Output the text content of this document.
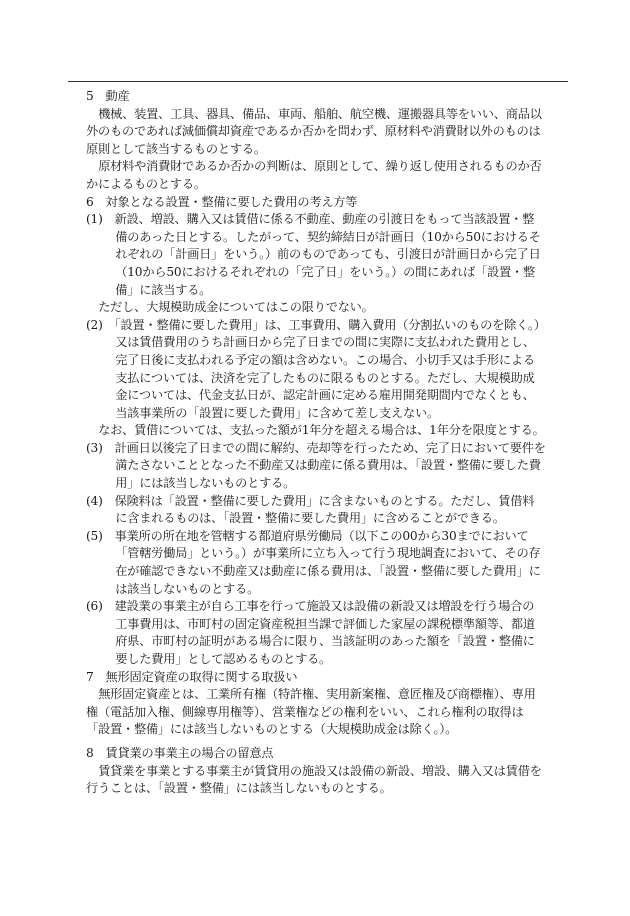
5　動産

機械、装置、工具、器具、備品、車両、船舶、航空機、運搬器具等をいい、商品以外のものであれば減価償却資産であるか否かを問わず、原材料や消費財以外のものは原則として該当するものとする。

原材料や消費財であるか否かの判断は、原則として、繰り返し使用されるものか否かによるものとする。

6　対象となる設置・整備に要した費用の考え方等

(1)　新設、増設、購入又は賃借に係る不動産、動産の引渡日をもって当該設置・整備のあった日とする。したがって、契約締結日が計画日（10から50におけるそれぞれの「計画日」をいう。）前のものであっても、引渡日が計画日から完了日（10から50におけるそれぞれの「完了日」をいう。）の間にあれば「設置・整備」に該当する。

ただし、大規模助成金についてはこの限りでない。

(2)　「設置・整備に要した費用」は、工事費用、購入費用（分割払いのものを除く。）又は賃借費用のうち計画日から完了日までの間に実際に支払われた費用とし、完了日後に支払われる予定の額は含めない。この場合、小切手又は手形による支払については、決済を完了したものに限るものとする。ただし、大規模助成金については、代金支払日が、認定計画に定める雇用開発期間内でなくとも、当該事業所の「設置に要した費用」に含めて差し支えない。

なお、賃借については、支払った額が1年分を超える場合は、1年分を限度とする。

(3)　計画日以後完了日までの間に解約、売却等を行ったため、完了日において要件を満たさないこととなった不動産又は動産に係る費用は、「設置・整備に要した費用」には該当しないものとする。

(4)　保険料は「設置・整備に要した費用」に含まないものとする。ただし、賃借料に含まれるものは、「設置・整備に要した費用」に含めることができる。

(5)　事業所の所在地を管轄する都道府県労働局（以下この00から30までにおいて「管轄労働局」という。）が事業所に立ち入って行う現地調査において、その存在が確認できない不動産又は動産に係る費用は、「設置・整備に要した費用」には該当しないものとする。

(6)　建設業の事業主が自ら工事を行って施設又は設備の新設又は増設を行う場合の工事費用は、市町村の固定資産税担当課で評価した家屋の課税標準額等、都道府県、市町村の証明がある場合に限り、当該証明のあった額を「設置・整備に要した費用」として認めるものとする。

7　無形固定資産の取得に関する取扱い

無形固定資産とは、工業所有権（特許権、実用新案権、意匠権及び商標権）、専用権（電話加入権、側線専用権等）、営業権などの権利をいい、これら権利の取得は「設置・整備」には該当しないものとする（大規模助成金は除く。）。

8　賃貸業の事業主の場合の留意点

賃貸業を事業とする事業主が賃貸用の施設又は設備の新設、増設、購入又は賃借を行うことは、「設置・整備」には該当しないものとする。
